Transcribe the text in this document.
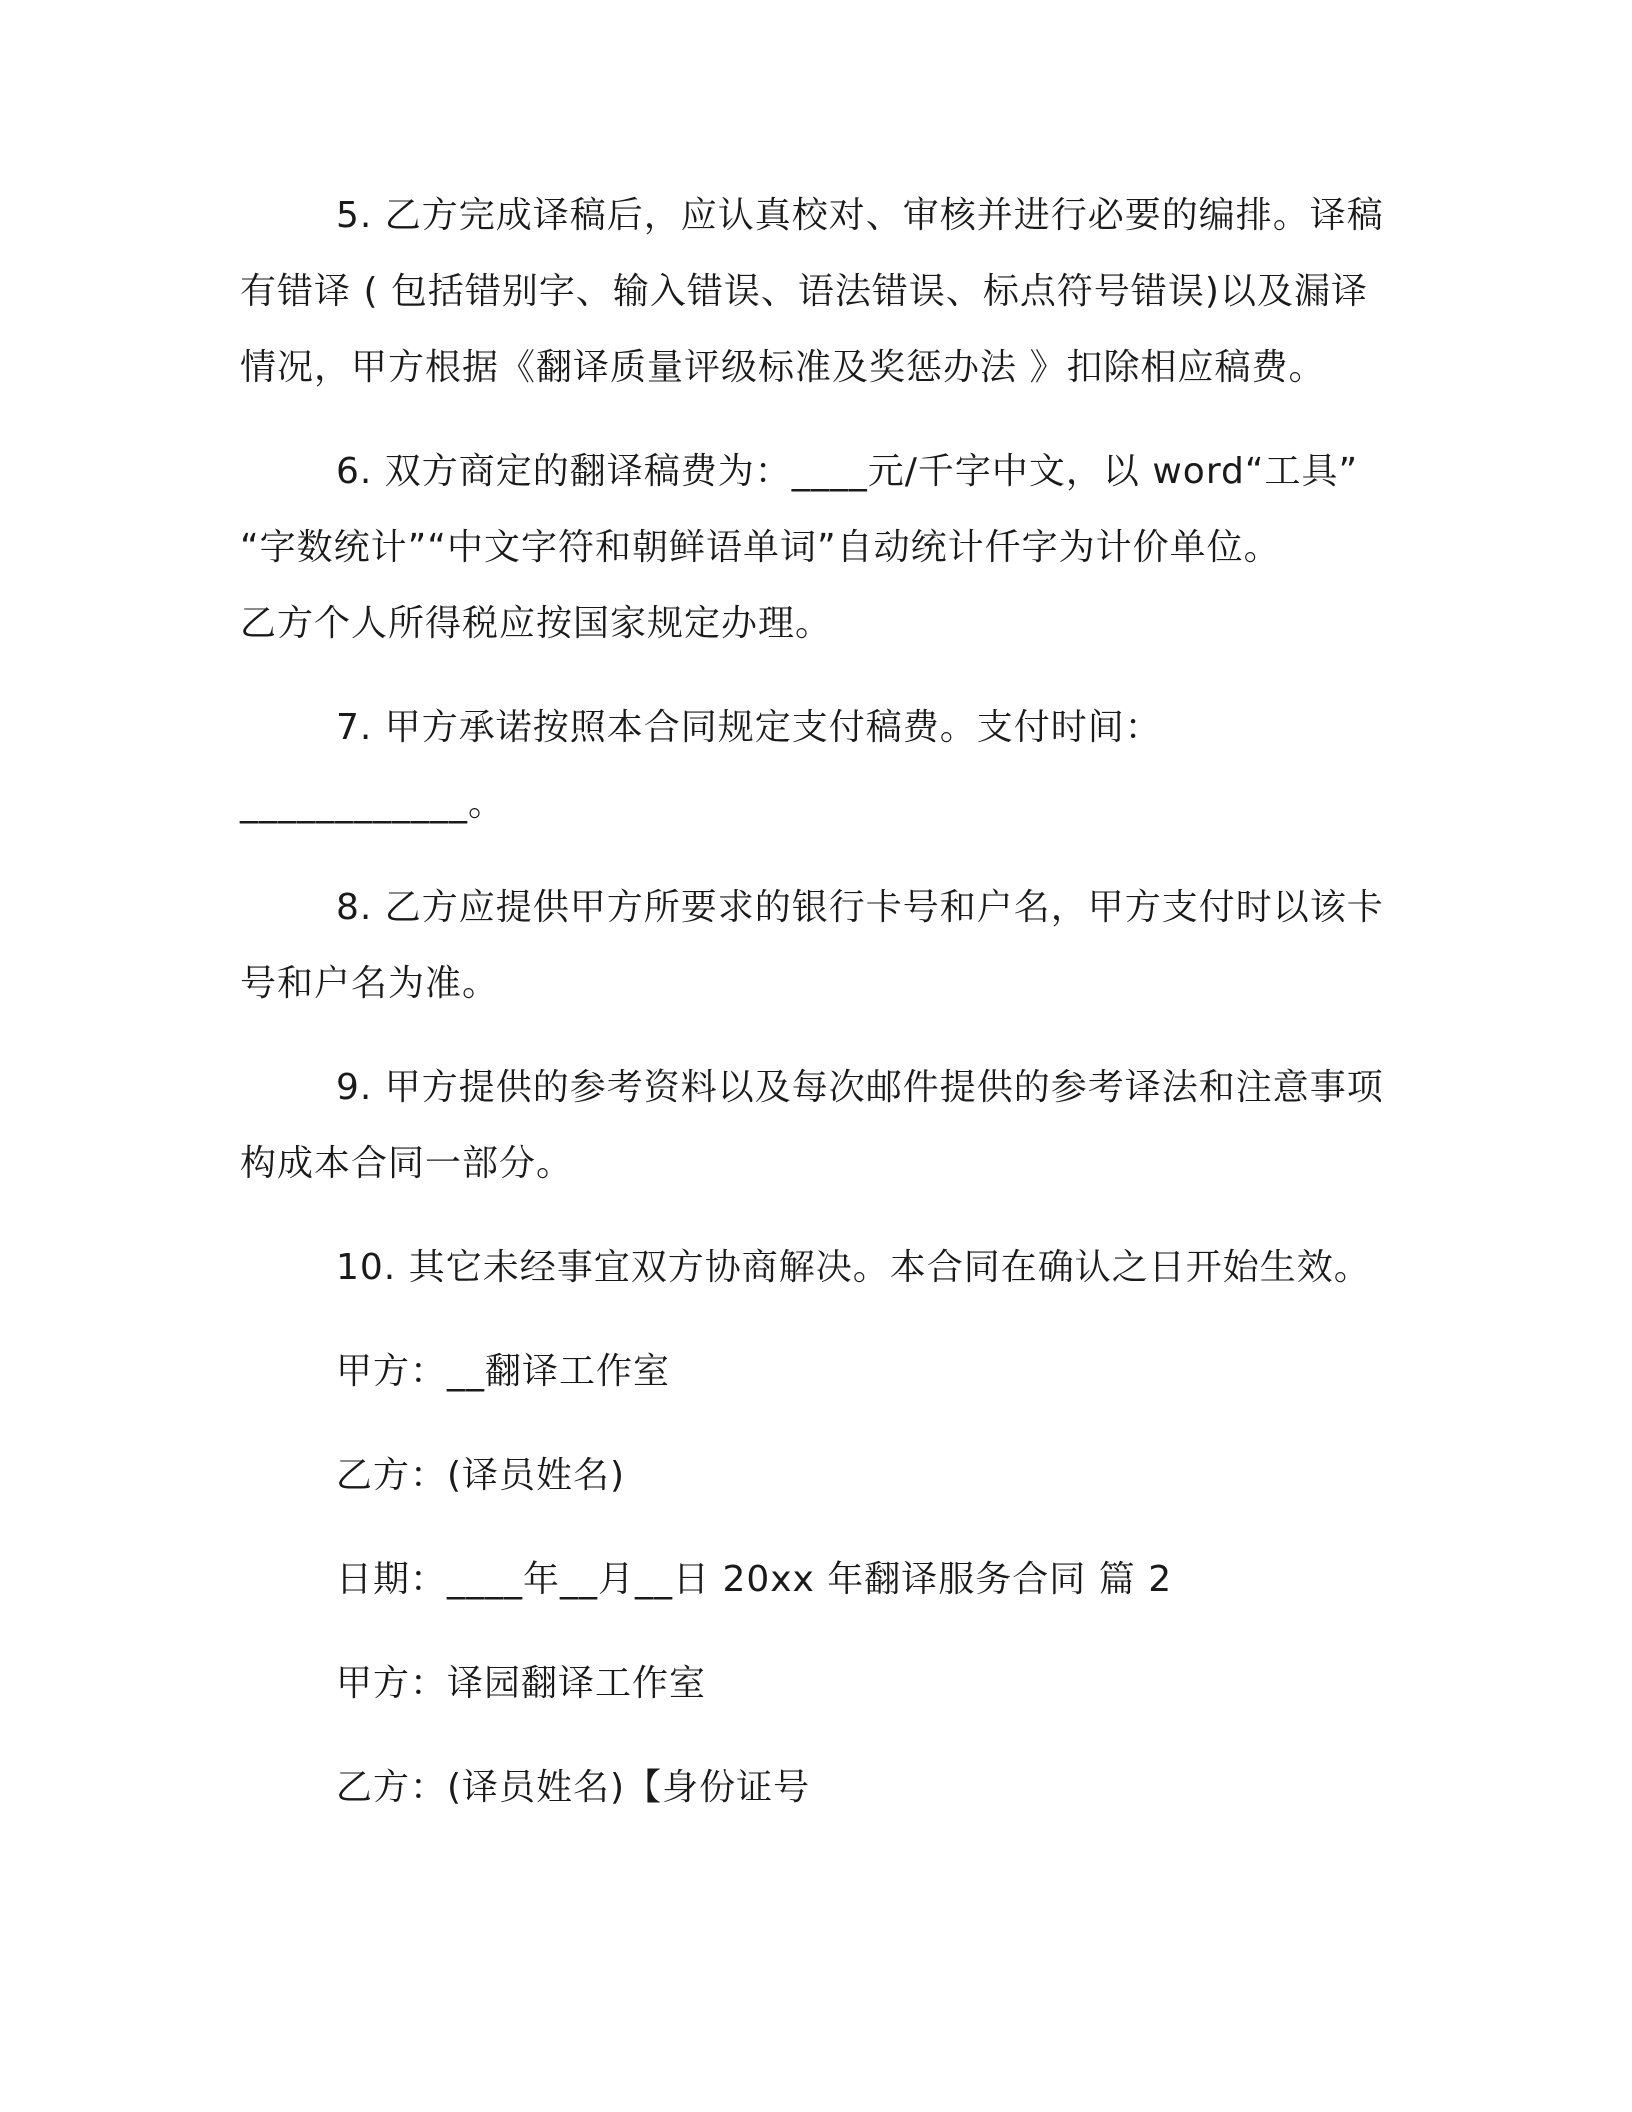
5. 乙方完成译稿后，应认真校对、审核并进行必要的编排。译稿
有错译 ( 包括错别字、输入错误、语法错误、标点符号错误)以及漏译
情况，甲方根据《翻译质量评级标准及奖惩办法 》扣除相应稿费。
6. 双方商定的翻译稿费为：____元/千字中文，以 word“工具”
“字数统计”“中文字符和朝鲜语单词”自动统计仟字为计价单位。
乙方个人所得税应按国家规定办理。
7. 甲方承诺按照本合同规定支付稿费。支付时间：
____________。
8. 乙方应提供甲方所要求的银行卡号和户名，甲方支付时以该卡
号和户名为准。
9. 甲方提供的参考资料以及每次邮件提供的参考译法和注意事项
构成本合同一部分。
10. 其它未经事宜双方协商解决。本合同在确认之日开始生效。
甲方：__翻译工作室
乙方：(译员姓名)
日期：____年__月__日 20xx 年翻译服务合同 篇 2
甲方：译园翻译工作室
乙方：(译员姓名)【身份证号
